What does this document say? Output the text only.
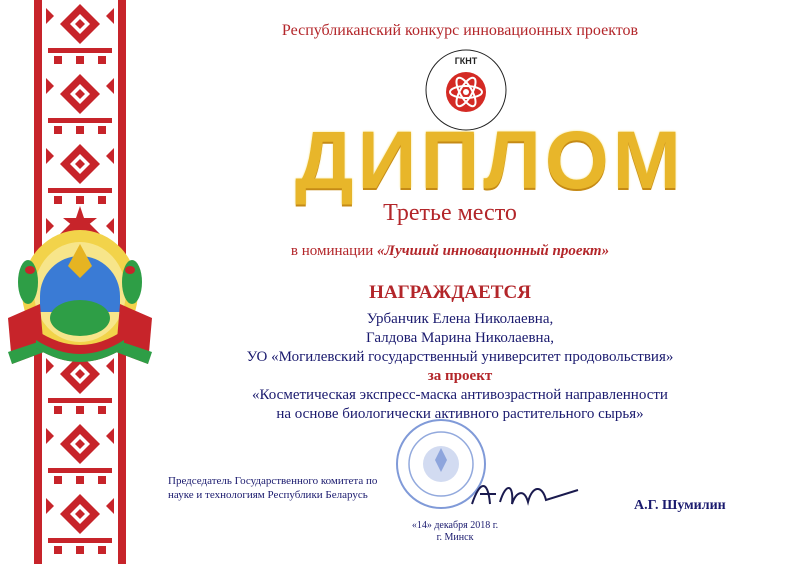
Республиканский конкурс инновационных проектов
ГКНТ
ДИПЛОМ
Третье место
в номинации «Лучший инновационный проект»
НАГРАЖДАЕТСЯ
Урбанчик Елена Николаевна,
Галдова Марина Николаевна,
УО «Могилевский государственный университет продовольствия»
за проект
«Косметическая экспресс-маска антивозрастной направленности
на основе биологически активного растительного сырья»
Председатель Государственного комитета по науке и технологиям Республики Беларусь
А.Г. Шумилин
«14» декабря 2018 г.
г. Минск
